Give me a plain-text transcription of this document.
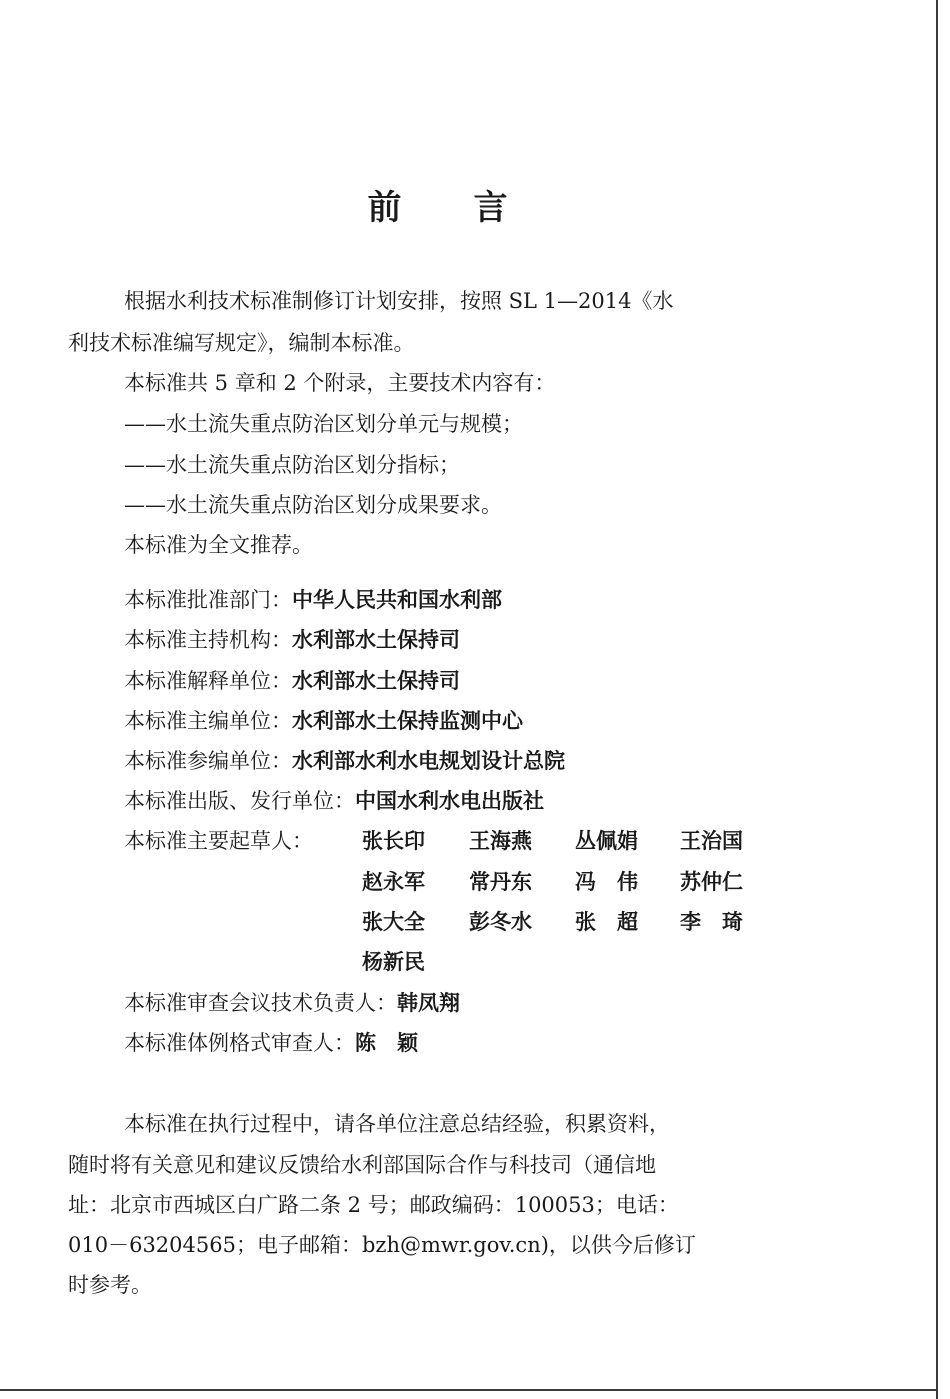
前 言
根据水利技术标准制修订计划安排，按照 SL 1—2014《水
利技术标准编写规定》，编制本标准。
本标准共 5 章和 2 个附录，主要技术内容有：
——水土流失重点防治区划分单元与规模；
——水土流失重点防治区划分指标；
——水土流失重点防治区划分成果要求。
本标准为全文推荐。
本标准批准部门：中华人民共和国水利部
本标准主持机构：水利部水土保持司
本标准解释单位：水利部水土保持司
本标准主编单位：水利部水土保持监测中心
本标准参编单位：水利部水利水电规划设计总院
本标准出版、发行单位：中国水利水电出版社
本标准主要起草人： 张长印 王海燕 丛佩娟 王治国
赵永军 常丹东 冯　伟 苏仲仁
张大全 彭冬水 张　超 李　琦
杨新民
本标准审查会议技术负责人：韩凤翔
本标准体例格式审查人：陈　颖
本标准在执行过程中，请各单位注意总结经验，积累资料，
随时将有关意见和建议反馈给水利部国际合作与科技司（通信地
址：北京市西城区白广路二条 2 号；邮政编码：100053；电话：
010－63204565；电子邮箱：bzh@mwr.gov.cn)，以供今后修订
时参考。
